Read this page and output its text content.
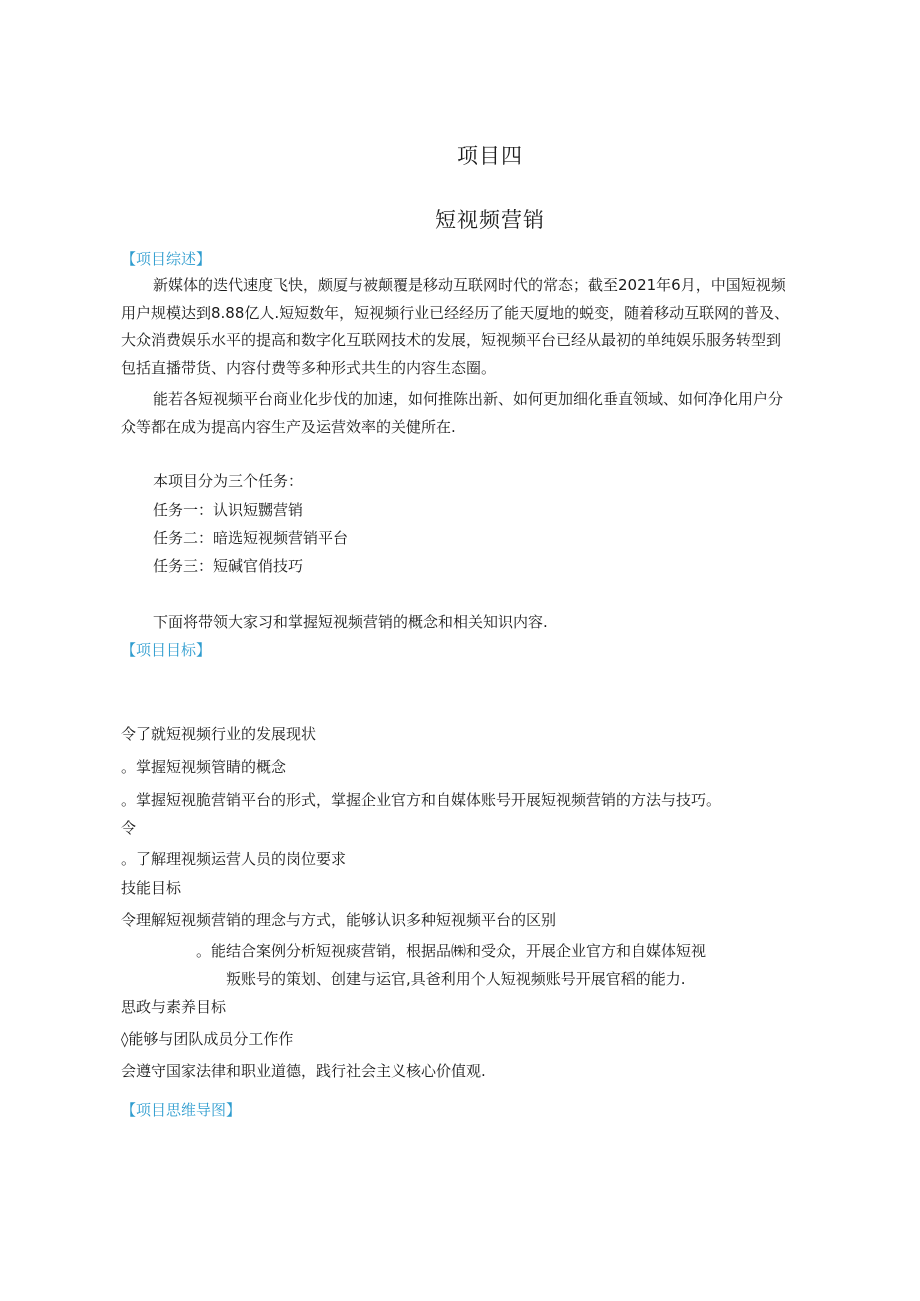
项目四
短视频营销
【项目综述】
新媒体的迭代速度飞快，颇厦与被颠覆是移动互联网时代的常态；截至2021年6月，中国短视频用户规模达到8.88亿人.短短数年，短视频行业已经经历了能天厦地的蜕变，随着移动互联网的普及、大众消费娱乐水平的提高和数字化互联网技术的发展，短视频平台已经从最初的单纯娱乐服务转型到包括直播带货、内容付费等多种形式共生的内容生态圈。
能若各短视频平台商业化步伐的加速，如何推陈出新、如何更加细化垂直领域、如何净化用户分众等都在成为提高内容生产及运营效率的关健所在.
本项目分为三个任务：
任务一：认识短嬲营销
任务二：暗选短视频营销平台
任务三：短碱官俏技巧
下面将带领大家习和掌握短视频营销的概念和相关知识内容.
【项目目标】
令了就短视频行业的发展现状
。掌握短视频管睛的概念
。掌握短视脆营销平台的形式，掌握企业官方和自媒体账号开展短视频营销的方法与技巧。
令
。了解理视频运营人员的岗位要求
技能目标
令理解短视频营销的理念与方式，能够认识多种短视频平台的区别
。能结合案例分析短视痰营销，根据品㈱和受众，开展企业官方和自媒体短视
叛账号的策划、创建与运官,具爸利用个人短视频账号开展官稻的能力.
思政与素养目标
◊能够与团队成员分工作作
会遵守国家法律和职业道德，践行社会主义核心价值观.
【项目思维导图】
